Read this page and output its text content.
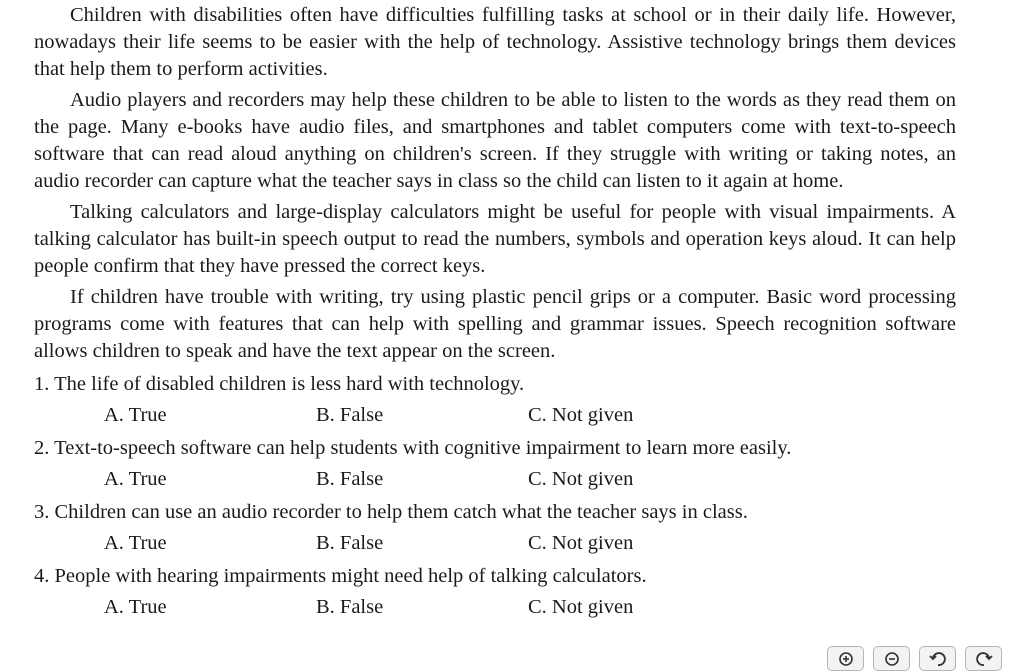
Children with disabilities often have difficulties fulfilling tasks at school or in their daily life. However, nowadays their life seems to be easier with the help of technology. Assistive technology brings them devices that help them to perform activities.

Audio players and recorders may help these children to be able to listen to the words as they read them on the page. Many e-books have audio files, and smartphones and tablet computers come with text-to-speech software that can read aloud anything on children's screen. If they struggle with writing or taking notes, an audio recorder can capture what the teacher says in class so the child can listen to it again at home.

Talking calculators and large-display calculators might be useful for people with visual impairments. A talking calculator has built-in speech output to read the numbers, symbols and operation keys aloud. It can help people confirm that they have pressed the correct keys.

If children have trouble with writing, try using plastic pencil grips or a computer. Basic word processing programs come with features that can help with spelling and grammar issues. Speech recognition software allows children to speak and have the text appear on the screen.

1. The life of disabled children is less hard with technology.

A. True	B. False	C. Not given

2. Text-to-speech software can help students with cognitive impairment to learn more easily.

A. True	B. False	C. Not given

3. Children can use an audio recorder to help them catch what the teacher says in class.

A. True	B. False	C. Not given

4. People with hearing impairments might need help of talking calculators.

A. True	B. False	C. Not given
